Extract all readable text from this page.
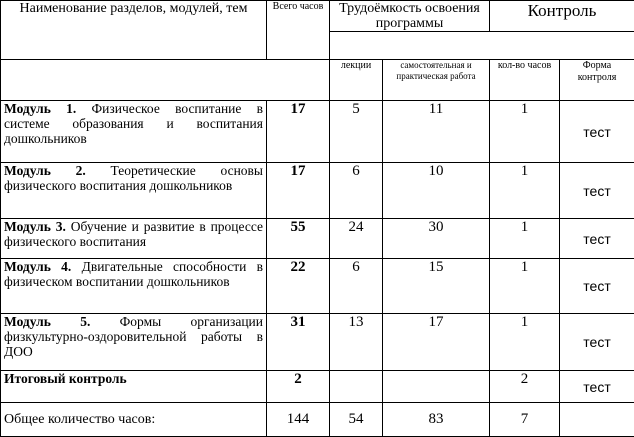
Наименование разделов, модулей, тем	Всего часов	Трудоёмкость освоения программы		Контроль	

		лекции	самостоятельная и практическая работа	кол-во часов	Форма контроля
Модуль 1. Физическое воспитание в системе образования и воспитания дошкольников	17	5	11	1	тест
Модуль 2. Теоретические основы физического воспитания дошкольников	17	6	10	1	тест
Модуль 3. Обучение и развитие в процессе физического воспитания	55	24	30	1	тест
Модуль 4. Двигательные способности в физическом воспитании дошкольников	22	6	15	1	тест
Модуль 5. Формы организации физкультурно-оздоровительной работы в ДОО	31	13	17	1	тест
Итоговый контроль	2			2	тест
Общее количество часов:	144	54	83	7	
